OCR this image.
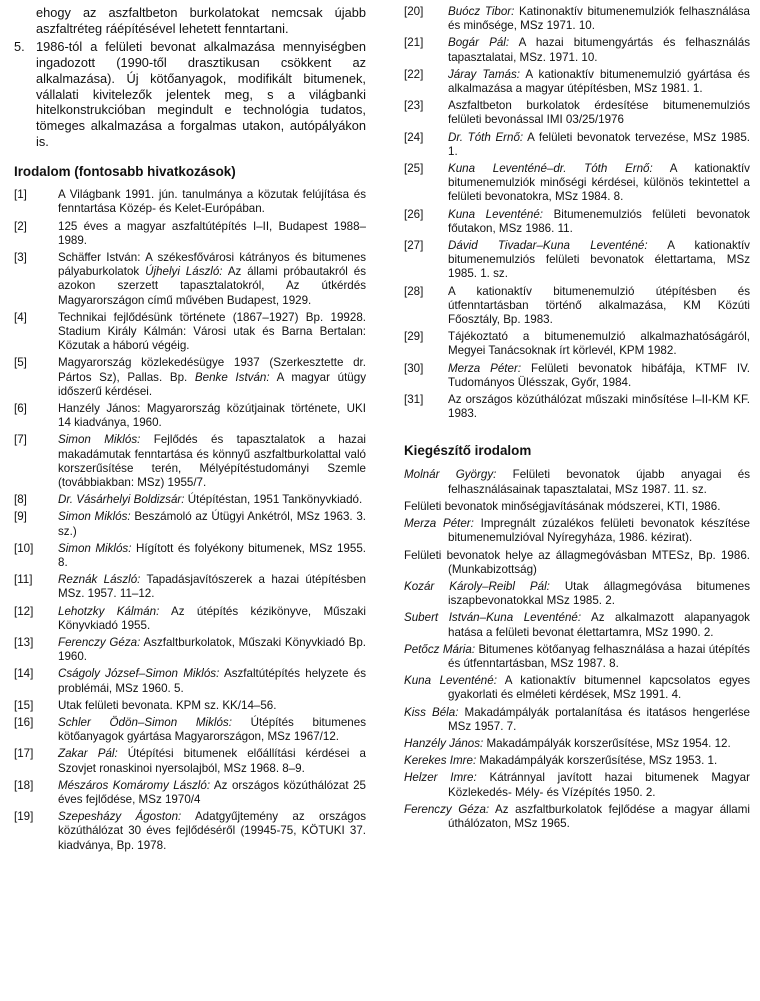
ehogy az aszfaltbeton burkolatokat nemcsak újabb aszfaltréteg ráépítésével lehetett fenntartani.
5. 1986-tól a felületi bevonat alkalmazása mennyiségben ingadozott (1990-től drasztikusan csökkent az alkalmazása). Új kötőanyagok, modifikált bitumenek, vállalati kivitelezők jelentek meg, s a világbanki hitelkonstrukcióban megindult e technológia tudatos, tömeges alkalmazása a forgalmas utakon, autópályákon is.
Irodalom (fontosabb hivatkozások)
[1]	A Világbank 1991. jún. tanulmánya a közutak felújítása és fenntartása Közép- és Kelet-Európában.
[2]	125 éves a magyar aszfaltútépítés I–II, Budapest 1988–1989.
[3]	Schäffer István: A székesfővárosi kátrányos és bitumenes pályaburkolatok Újhelyi László: Az állami próbautakról és azokon szerzett tapasztalatokról, Az útkérdés Magyarországon című művében Budapest, 1929.
[4]	Technikai fejlődésünk története (1867–1927) Bp. 19928. Stadium Király Kálmán: Városi utak és Barna Bertalan: Közutak a háború végéig.
[5]	Magyarország közlekedésügye 1937 (Szerkesztette dr. Pártos Sz), Pallas. Bp. Benke István: A magyar útügy időszerű kérdései.
[6]	Hanzély János: Magyarország közútjainak története, UKI 14 kiadványa, 1960.
[7]	Simon Miklós: Fejlődés és tapasztalatok a hazai makadámutak fenntartása és könnyű aszfaltburkolattal való korszerűsítése terén, Mélyépítéstudományi Szemle (továbbiakban: MSz) 1955/7.
[8]	Dr. Vásárhelyi Boldizsár: Útépítéstan, 1951 Tankönyvkiadó.
[9]	Simon Miklós: Beszámoló az Útügyi Ankétról, MSz 1963. 3. sz.)
[10]	Simon Miklós: Hígított és folyékony bitumenek, MSz 1955. 8.
[11]	Reznák László: Tapadásjavítószerek a hazai útépítésben MSz. 1957. 11–12.
[12]	Lehotzky Kálmán: Az útépítés kézikönyve, Műszaki Könyvkiadó 1955.
[13]	Ferenczy Géza: Aszfaltburkolatok, Műszaki Könyvkiadó Bp. 1960.
[14]	Cságoly József–Simon Miklós: Aszfaltútépítés helyzete és problémái, MSz 1960. 5.
[15]	Utak felületi bevonata. KPM sz. KK/14–56.
[16]	Schler Ödön–Simon Miklós: Útépítés bitumenes kötőanyagok gyártása Magyarországon, MSz 1967/12.
[17]	Zakar Pál: Útépítési bitumenek előállítási kérdései a Szovjet ronaskinoi nyersolajból, MSz 1968. 8–9.
[18]	Mészáros Komáromy László: Az országos közúthálózat 25 éves fejlődése, MSz 1970/4
[19]	Szepesházy Ágoston: Adatgyűjtemény az országos közúthálózat 30 éves fejlődéséről (19945-75, KÖTUKI 37. kiadványa, Bp. 1978.
[20]	Buócz Tibor: Katinonaktív bitumenemulziók felhasználása és minősége, MSz 1971. 10.
[21]	Bogár Pál: A hazai bitumengyártás és felhasználás tapasztalatai, MSz. 1971. 10.
[22]	Járay Tamás: A kationaktív bitumenemulzió gyártása és alkalmazása a magyar útépítésben, MSz 1981. 1.
[23]	Aszfaltbeton burkolatok érdesítése bitumenemulziós felületi bevonással IMI 03/25/1976
[24]	Dr. Tóth Ernő: A felületi bevonatok tervezése, MSz 1985. 1.
[25]	Kuna Leventéné–dr. Tóth Ernő: A kationaktív bitumenemulziók minőségi kérdései, különös tekintettel a felületi bevonatokra, MSz 1984. 8.
[26]	Kuna Leventéné: Bitumenemulziós felületi bevonatok főutakon, MSz 1986. 11.
[27]	Dávid Tivadar–Kuna Leventéné: A kationaktív bitumenemulziós felületi bevonatok élettartama, MSz 1985. 1. sz.
[28]	A kationaktív bitumenemulzió útépítésben és útfenntartásban történő alkalmazása, KM Közúti Főosztály, Bp. 1983.
[29]	Tájékoztató a bitumenemulzió alkalmazhatóságáról, Megyei Tanácsoknak írt körlevél, KPM 1982.
[30]	Merza Péter: Felületi bevonatok hibáfája, KTMF IV. Tudományos Ülésszak, Győr, 1984.
[31]	Az országos közúthálózat műszaki minősítése I–II-KM KF. 1983.
Kiegészítő irodalom
Molnár György: Felületi bevonatok újabb anyagai és felhasználásainak tapasztalatai, MSz 1987. 11. sz.
Felületi bevonatok minőségjavításának módszerei, KTI, 1986.
Merza Péter: Impregnált zúzalékos felületi bevonatok készítése bitumenemulzióval Nyíregyháza, 1986. kézirat).
Felületi bevonatok helye az állagmegóvásban MTESz, Bp. 1986. (Munkabizottság)
Kozár Károly–Reibl Pál: Utak állagmegóvása bitumenes iszapbevonatokkal MSz 1985. 2.
Subert István–Kuna Leventéné: Az alkalmazott alapanyagok hatása a felületi bevonat élettartamra, MSz 1990. 2.
Petőcz Mária: Bitumenes kötőanyag felhasználása a hazai útépítés és útfenntartásban, MSz 1987. 8.
Kuna Leventéné: A kationaktív bitumennel kapcsolatos egyes gyakorlati és elméleti kérdések, MSz 1991. 4.
Kiss Béla: Makadámpályák portalanítása és itatásos hengerlése MSz 1957. 7.
Hanzély János: Makadámpályák korszerűsítése, MSz 1954. 12.
Kerekes Imre: Makadámpályák korszerűsítése, MSz 1953. 1.
Helzer Imre: Kátránnyal javított hazai bitumenek Magyar Közlekedés- Mély- és Vízépítés 1950. 2.
Ferenczy Géza: Az aszfaltburkolatok fejlődése a magyar állami úthálózaton, MSz 1965.
